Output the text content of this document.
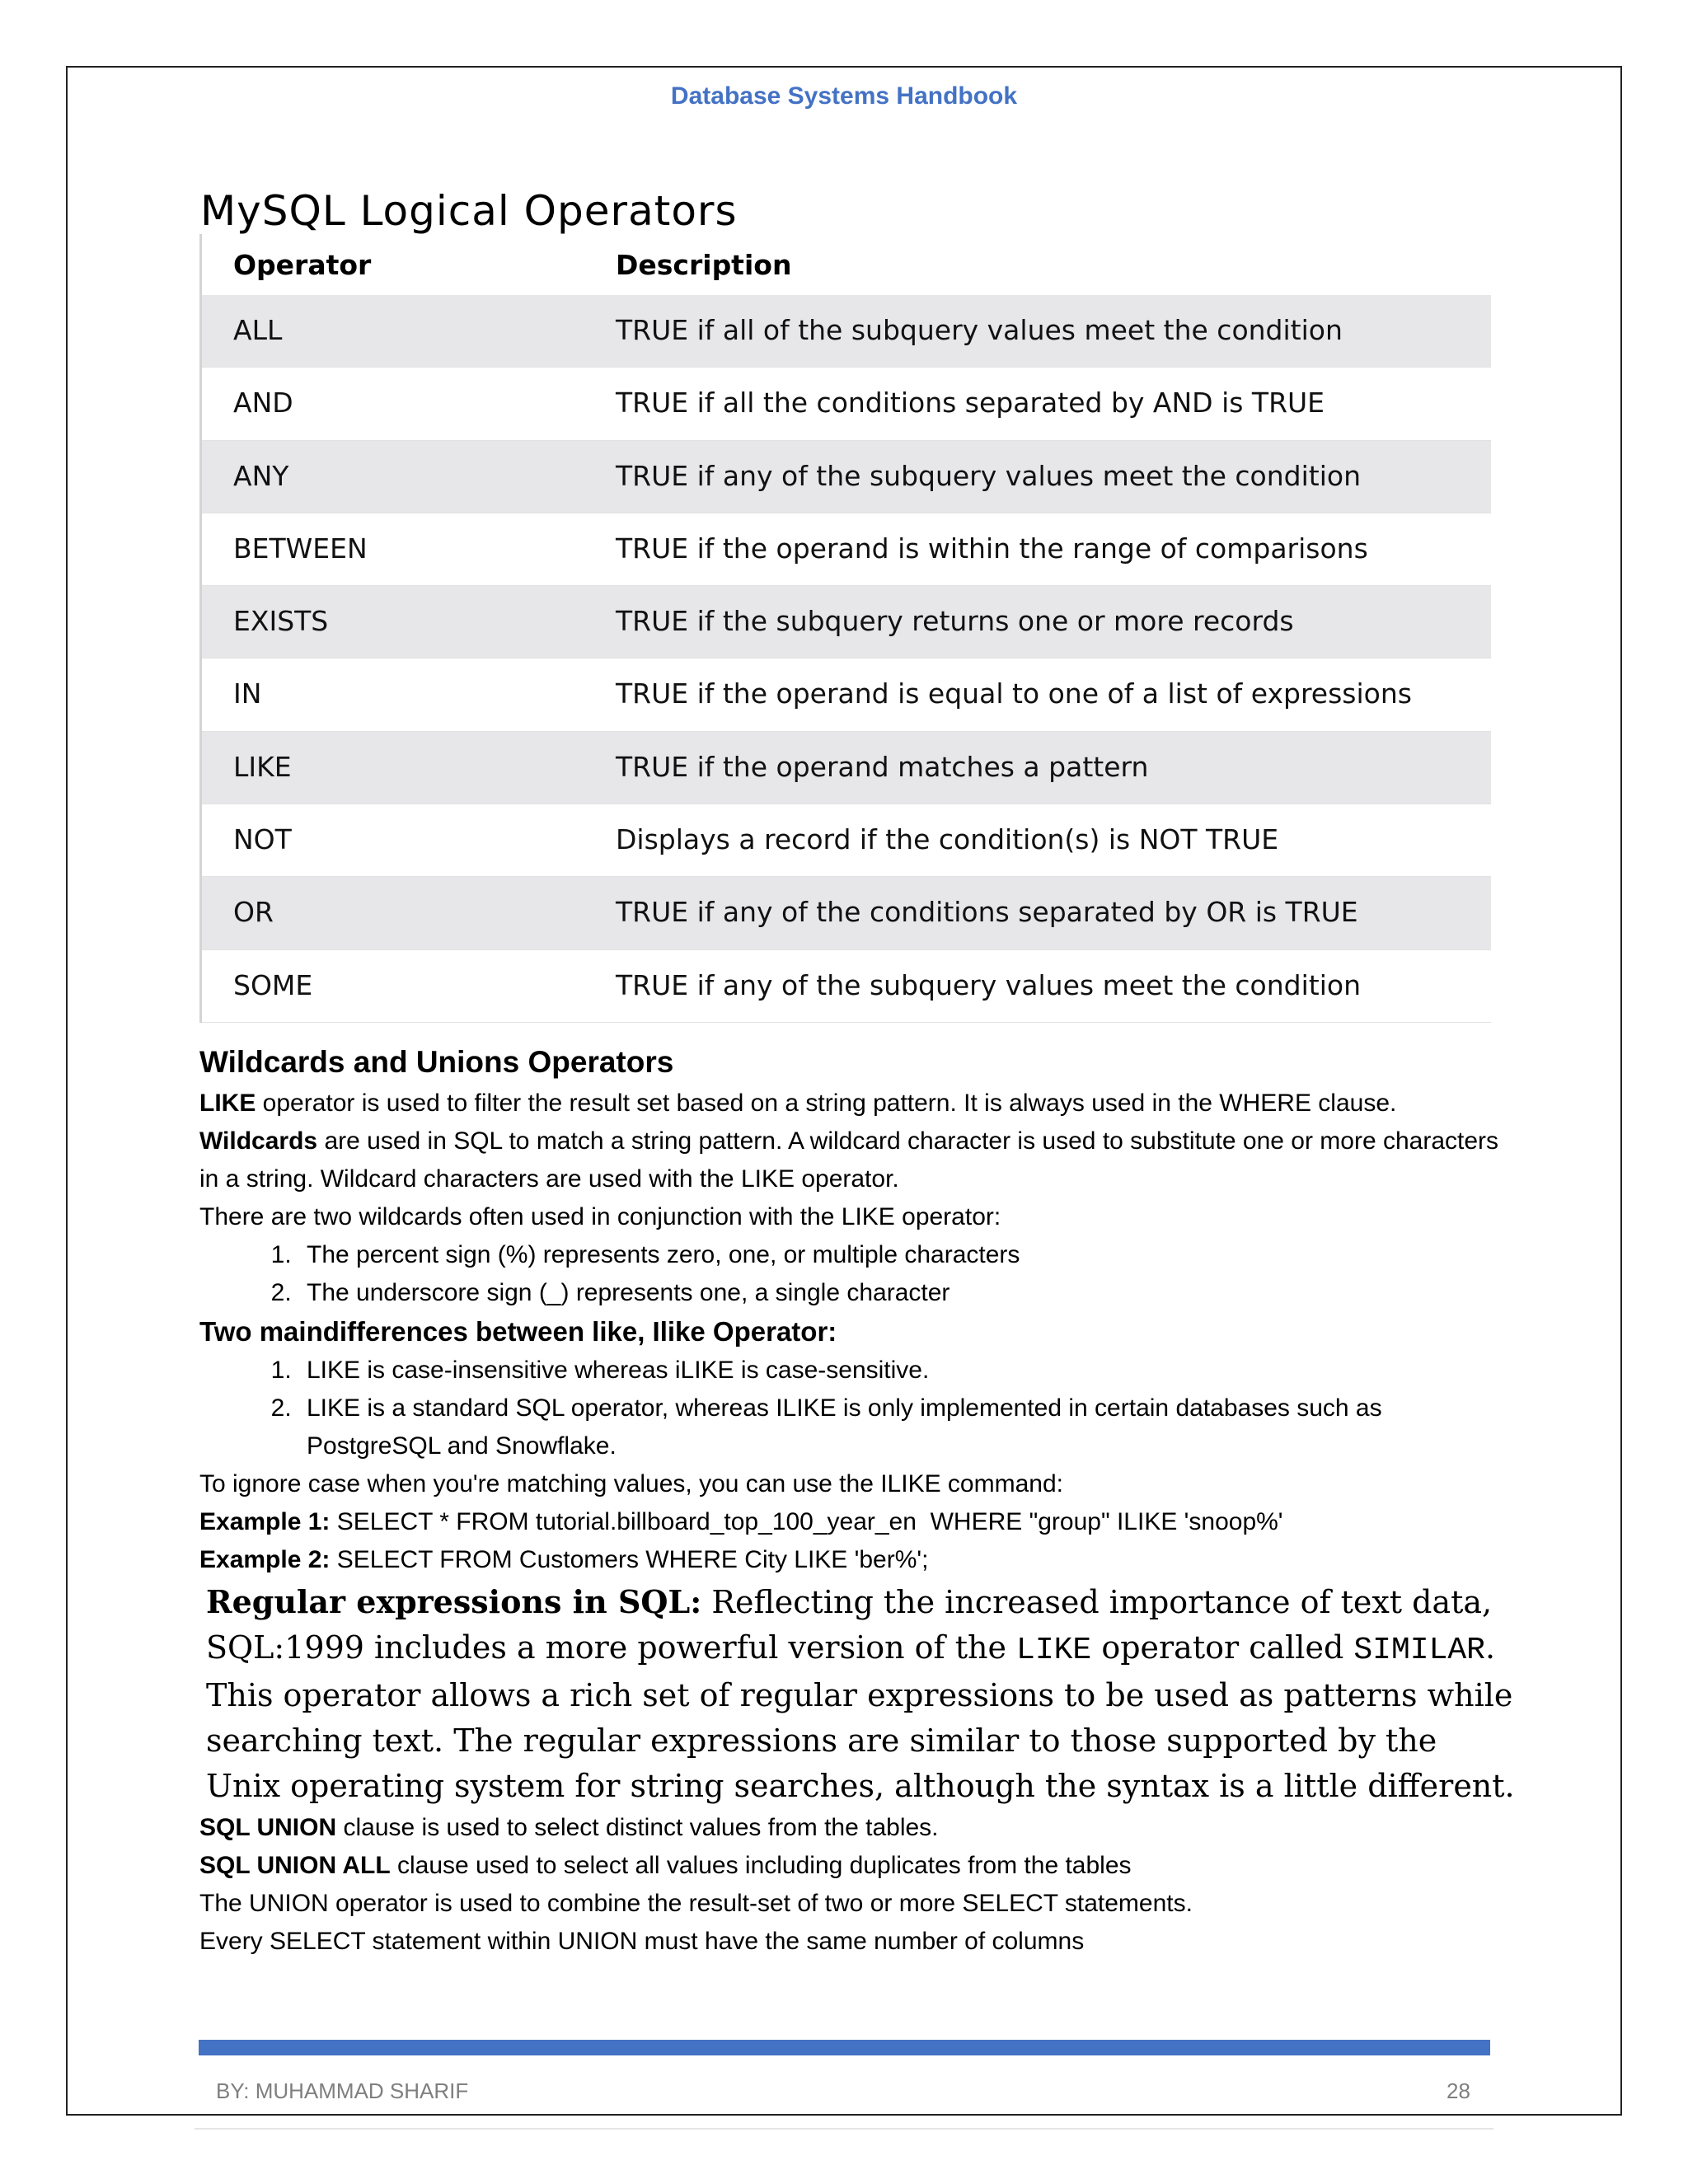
Database Systems Handbook
MySQL Logical Operators
Operator	Description
ALL	TRUE if all of the subquery values meet the condition
AND	TRUE if all the conditions separated by AND is TRUE
ANY	TRUE if any of the subquery values meet the condition
BETWEEN	TRUE if the operand is within the range of comparisons
EXISTS	TRUE if the subquery returns one or more records
IN	TRUE if the operand is equal to one of a list of expressions
LIKE	TRUE if the operand matches a pattern
NOT	Displays a record if the condition(s) is NOT TRUE
OR	TRUE if any of the conditions separated by OR is TRUE
SOME	TRUE if any of the subquery values meet the condition

Wildcards and Unions Operators

LIKE operator is used to filter the result set based on a string pattern. It is always used in the WHERE clause.

Wildcards are used in SQL to match a string pattern. A wildcard character is used to substitute one or more characters in a string. Wildcard characters are used with the LIKE operator.

There are two wildcards often used in conjunction with the LIKE operator:

1. The percent sign (%) represents zero, one, or multiple characters
2. The underscore sign (_) represents one, a single character

Two maindifferences between like, Ilike Operator:

1. LIKE is case-insensitive whereas iLIKE is case-sensitive.
2. LIKE is a standard SQL operator, whereas ILIKE is only implemented in certain databases such as PostgreSQL and Snowflake.

To ignore case when you're matching values, you can use the ILIKE command:

Example 1: SELECT * FROM tutorial.billboard_top_100_year_en  WHERE "group" ILIKE 'snoop%'

Example 2: SELECT FROM Customers WHERE City LIKE 'ber%';

Regular expressions in SQL: Reflecting the increased importance of text data, SQL:1999 includes a more powerful version of the LIKE operator called SIMILAR. This operator allows a rich set of regular expressions to be used as patterns while searching text. The regular expressions are similar to those supported by the Unix operating system for string searches, although the syntax is a little different.

SQL UNION clause is used to select distinct values from the tables.

SQL UNION ALL clause used to select all values including duplicates from the tables

The UNION operator is used to combine the result-set of two or more SELECT statements.

Every SELECT statement within UNION must have the same number of columns

BY: MUHAMMAD SHARIF	28
